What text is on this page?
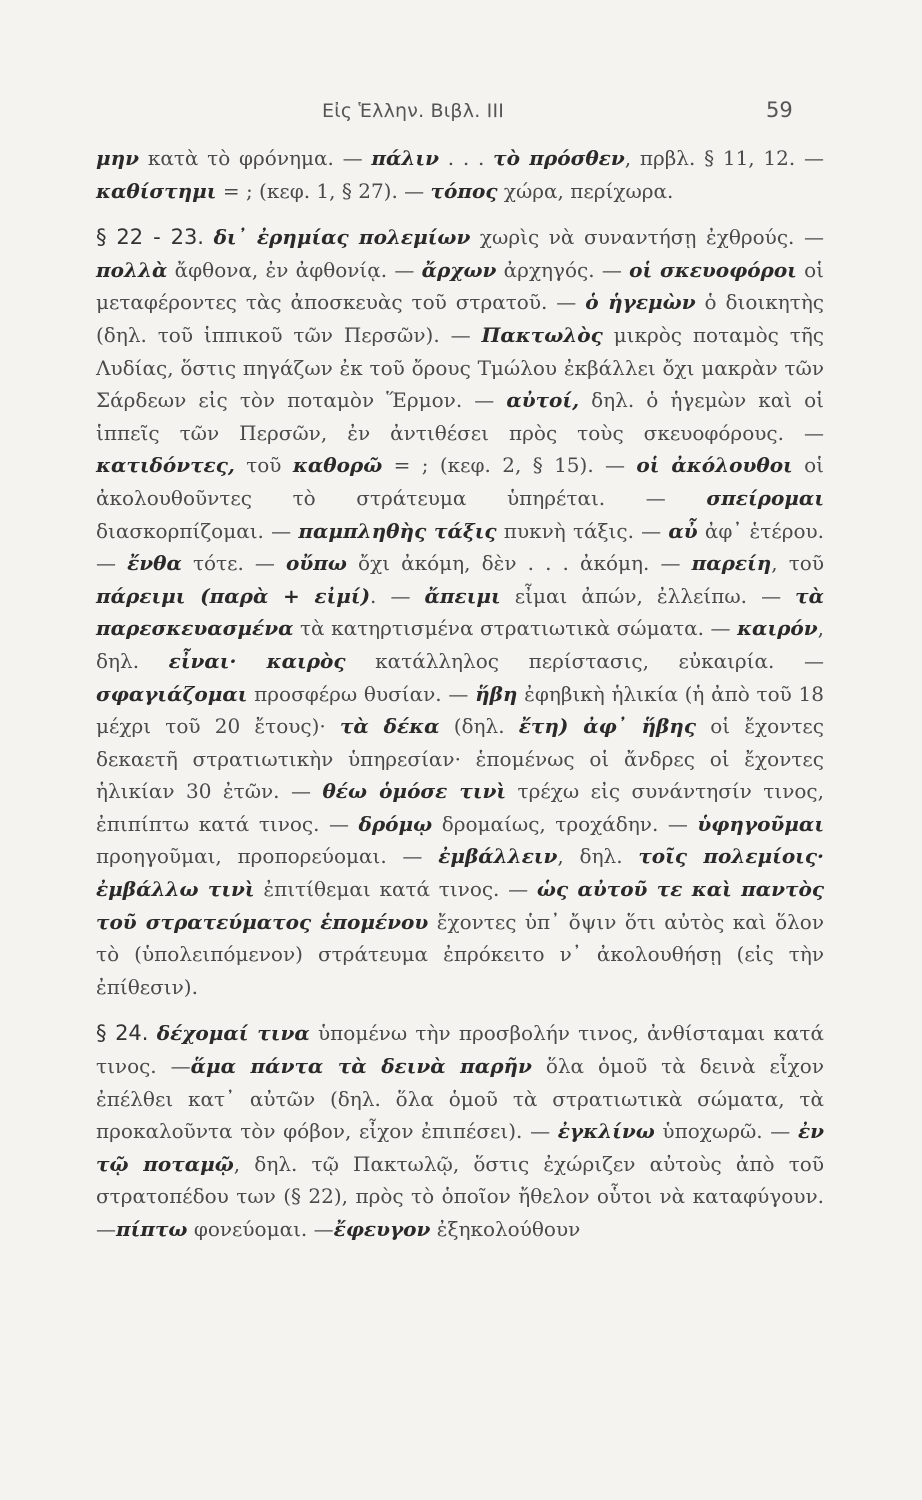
Εἰς Ἑλλην. Βιβλ. ΙΙΙ	59

μην κατὰ τὸ φρόνημα. — πάλιν . . . τὸ πρόσθεν, πρβλ. § 11, 12. — καθίστημι = ; (κεφ. 1, § 27). — τόπος χώρα, περίχωρα.

§ 22 - 23. δι᾽ ἐρημίας πολεμίων χωρὶς νὰ συναντήσῃ ἐχθρούς. — πολλὰ ἄφθονα, ἐν ἀφθονίᾳ. — ἄρχων ἀρχηγός. — οἱ σκευοφόροι οἱ μεταφέροντες τὰς ἀποσκευὰς τοῦ στρατοῦ. — ὁ ἡγεμὼν ὁ διοικητὴς (δηλ. τοῦ ἱππικοῦ τῶν Περσῶν). — Πακτωλὸς μικρὸς ποταμὸς τῆς Λυδίας, ὅστις πηγάζων ἐκ τοῦ ὄρους Τμώλου ἐκβάλλει ὄχι μακρὰν τῶν Σάρδεων εἰς τὸν ποταμὸν Ἕρμον. — αὐτοί, δηλ. ὁ ἡγεμὼν καὶ οἱ ἱππεῖς τῶν Περσῶν, ἐν ἀντιθέσει πρὸς τοὺς σκευοφόρους. — κατιδόντες, τοῦ καθορῶ = ; (κεφ. 2, § 15). — οἱ ἀκόλουθοι οἱ ἀκολουθοῦντες τὸ στράτευμα ὑπηρέται. — σπείρομαι διασκορπίζομαι. — παμπληθὴς τάξις πυκνὴ τάξις. — αὖ ἀφ᾽ ἑτέρου. — ἔνθα τότε. — οὔπω ὄχι ἀκόμη, δὲν . . . ἀκόμη. — παρείη, τοῦ πάρειμι (παρὰ + εἰμί). — ἄπειμι εἶμαι ἀπών, ἐλλείπω. — τὰ παρεσκευασμένα τὰ κατηρτισμένα στρατιωτικὰ σώματα. — καιρόν, δηλ. εἶναι· καιρὸς κατάλληλος περίστασις, εὐκαιρία. —σφαγιάζομαι προσφέρω θυσίαν. — ἥβη ἐφηβικὴ ἡλικία (ἡ ἀπὸ τοῦ 18 μέχρι τοῦ 20 ἔτους)· τὰ δέκα (δηλ. ἔτη) ἀφ᾽ ἥβης οἱ ἔχοντες δεκαετῆ στρατιωτικὴν ὑπηρεσίαν· ἑπομένως οἱ ἄνδρες οἱ ἔχοντες ἡλικίαν 30 ἐτῶν. — θέω ὁμόσε τινὶ τρέχω εἰς συνάντησίν τινος, ἐπιπίπτω κατά τινος. — δρόμῳ δρομαίως, τροχάδην. — ὑφηγοῦμαι προηγοῦμαι, προπορεύομαι. — ἐμβάλλειν, δηλ. τοῖς πολεμίοις· ἐμβάλλω τινὶ ἐπιτίθεμαι κατά τινος. — ὡς αὐτοῦ τε καὶ παντὸς τοῦ στρατεύματος ἑπομένου ἔχοντες ὑπ᾽ ὄψιν ὅτι αὐτὸς καὶ ὅλον τὸ (ὑπολειπόμενον) στράτευμα ἐπρόκειτο ν᾽ ἀκολουθήσῃ (εἰς τὴν ἐπίθεσιν).

§ 24. δέχομαί τινα ὑπομένω τὴν προσβολήν τινος, ἀνθίσταμαι κατά τινος. —ἅμα πάντα τὰ δεινὰ παρῆν ὅλα ὁμοῦ τὰ δεινὰ εἶχον ἐπέλθει κατ᾽ αὐτῶν (δηλ. ὅλα ὁμοῦ τὰ στρατιωτικὰ σώματα, τὰ προκαλοῦντα τὸν φόβον, εἶχον ἐπιπέσει). — ἐγκλίνω ὑποχωρῶ. — ἐν τῷ ποταμῷ, δηλ. τῷ Πακτωλῷ, ὅστις ἐχώριζεν αὐτοὺς ἀπὸ τοῦ στρατοπέδου των (§ 22), πρὸς τὸ ὁποῖον ἤθελον οὗτοι νὰ καταφύγουν. —πίπτω φονεύομαι. —ἔφευγον ἐξηκολούθουν
